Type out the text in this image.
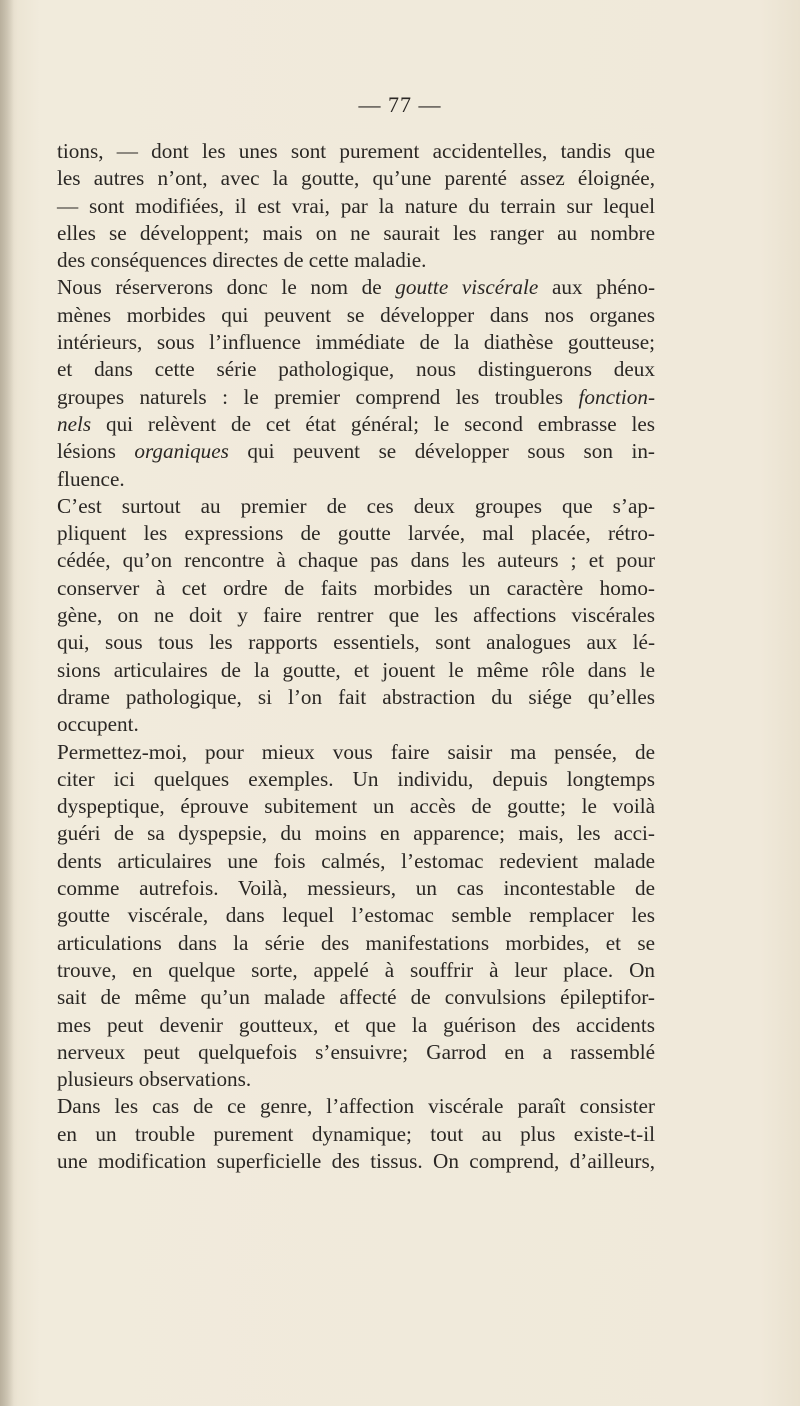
— 77 —
tions, — dont les unes sont purement accidentelles, tandis que
les autres n’ont, avec la goutte, qu’une parenté assez éloignée,
— sont modifiées, il est vrai, par la nature du terrain sur lequel
elles se développent; mais on ne saurait les ranger au nombre
des conséquences directes de cette maladie.
Nous réserverons donc le nom de goutte viscérale aux phéno-
mènes morbides qui peuvent se développer dans nos organes
intérieurs, sous l’influence immédiate de la diathèse goutteuse;
et dans cette série pathologique, nous distinguerons deux
groupes naturels : le premier comprend les troubles fonction-
nels qui relèvent de cet état général; le second embrasse les
lésions organiques qui peuvent se développer sous son in-
fluence.
C’est surtout au premier de ces deux groupes que s’ap-
pliquent les expressions de goutte larvée, mal placée, rétro-
cédée, qu’on rencontre à chaque pas dans les auteurs ; et pour
conserver à cet ordre de faits morbides un caractère homo-
gène, on ne doit y faire rentrer que les affections viscérales
qui, sous tous les rapports essentiels, sont analogues aux lé-
sions articulaires de la goutte, et jouent le même rôle dans le
drame pathologique, si l’on fait abstraction du siége qu’elles
occupent.
Permettez-moi, pour mieux vous faire saisir ma pensée, de
citer ici quelques exemples. Un individu, depuis longtemps
dyspeptique, éprouve subitement un accès de goutte; le voilà
guéri de sa dyspepsie, du moins en apparence; mais, les acci-
dents articulaires une fois calmés, l’estomac redevient malade
comme autrefois. Voilà, messieurs, un cas incontestable de
goutte viscérale, dans lequel l’estomac semble remplacer les
articulations dans la série des manifestations morbides, et se
trouve, en quelque sorte, appelé à souffrir à leur place. On
sait de même qu’un malade affecté de convulsions épileptifor-
mes peut devenir goutteux, et que la guérison des accidents
nerveux peut quelquefois s’ensuivre; Garrod en a rassemblé
plusieurs observations.
Dans les cas de ce genre, l’affection viscérale paraît consister
en un trouble purement dynamique; tout au plus existe-t-il
une modification superficielle des tissus. On comprend, d’ailleurs,
